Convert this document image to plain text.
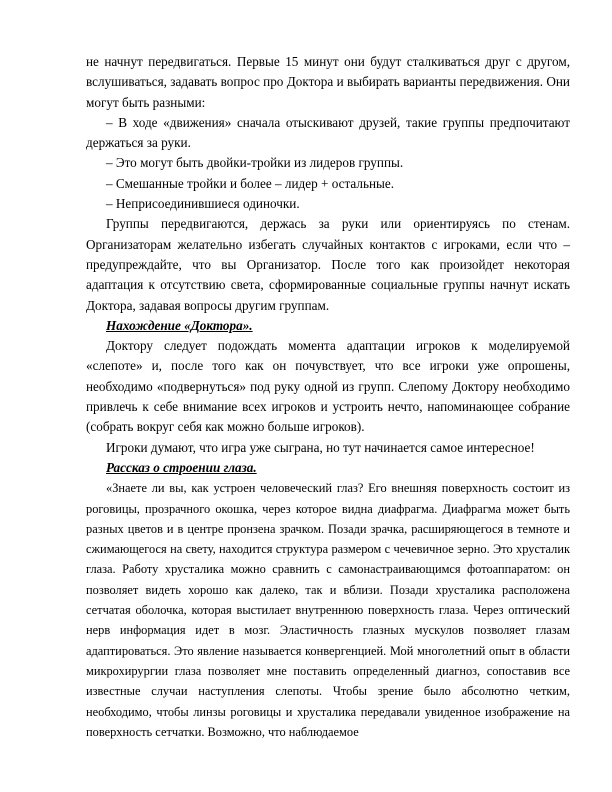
не начнут передвигаться. Первые 15 минут они будут сталкиваться друг с другом, вслушиваться, задавать вопрос про Доктора и выбирать варианты передвижения. Они могут быть разными:

– В ходе «движения» сначала отыскивают друзей, такие группы предпочитают держаться за руки.

– Это могут быть двойки-тройки из лидеров группы.

– Смешанные тройки и более – лидер + остальные.

– Неприсоединившиеся одиночки.

Группы передвигаются, держась за руки или ориентируясь по стенам. Организаторам желательно избегать случайных контактов с игроками, если что – предупреждайте, что вы Организатор. После того как произойдет некоторая адаптация к отсутствию света, сформированные социальные группы начнут искать Доктора, задавая вопросы другим группам.

Нахождение «Доктора».

Доктору следует подождать момента адаптации игроков к моделируемой «слепоте» и, после того как он почувствует, что все игроки уже опрошены, необходимо «подвернуться» под руку одной из групп. Слепому Доктору необходимо привлечь к себе внимание всех игроков и устроить нечто, напоминающее собрание (собрать вокруг себя как можно больше игроков).

Игроки думают, что игра уже сыграна, но тут начинается самое интересное!

Рассказ о строении глаза.

«Знаете ли вы, как устроен человеческий глаз? Его внешняя поверхность состоит из роговицы, прозрачного окошка, через которое видна диафрагма. Диафрагма может быть разных цветов и в центре пронзена зрачком. Позади зрачка, расширяющегося в темноте и сжимающегося на свету, находится структура размером с чечевичное зерно. Это хрусталик глаза. Работу хрусталика можно сравнить с самонастраивающимся фотоаппаратом: он позволяет видеть хорошо как далеко, так и вблизи. Позади хрусталика расположена сетчатая оболочка, которая выстилает внутреннюю поверхность глаза. Через оптический нерв информация идет в мозг. Эластичность глазных мускулов позволяет глазам адаптироваться. Это явление называется конвергенцией. Мой многолетний опыт в области микрохирургии глаза позволяет мне поставить определенный диагноз, сопоставив все известные случаи наступления слепоты. Чтобы зрение было абсолютно четким, необходимо, чтобы линзы роговицы и хрусталика передавали увиденное изображение на поверхность сетчатки. Возможно, что наблюдаемое
